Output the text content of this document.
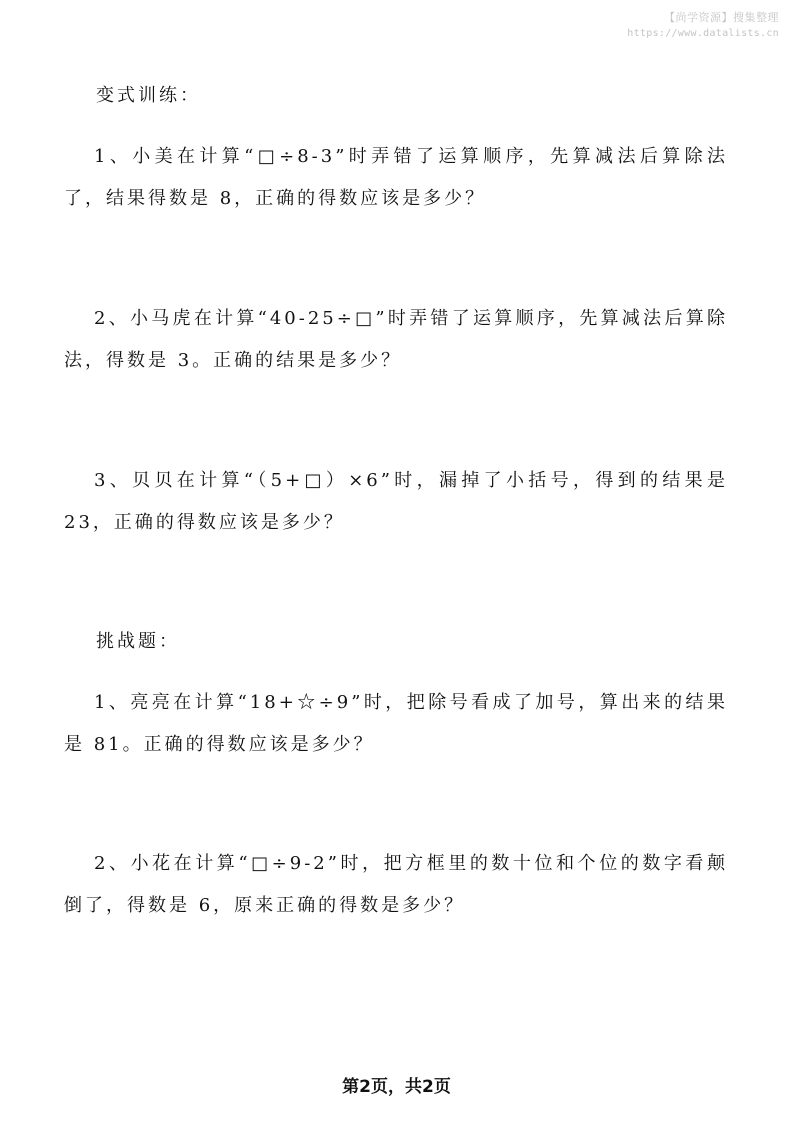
【尚学资源】搜集整理
https://www.datalists.cn
变式训练：
1、小美在计算“□÷8-3”时弄错了运算顺序，先算减法后算除法了，结果得数是 8，正确的得数应该是多少？
2、小马虎在计算“40-25÷□”时弄错了运算顺序，先算减法后算除法，得数是 3。正确的结果是多少？
3、贝贝在计算“（5+□）×6”时，漏掉了小括号，得到的结果是 23，正确的得数应该是多少？
挑战题：
1、亮亮在计算“18+☆÷9”时，把除号看成了加号，算出来的结果是 81。正确的得数应该是多少？
2、小花在计算“□÷9-2”时，把方框里的数十位和个位的数字看颠倒了，得数是 6，原来正确的得数是多少？
第2页，共2页
